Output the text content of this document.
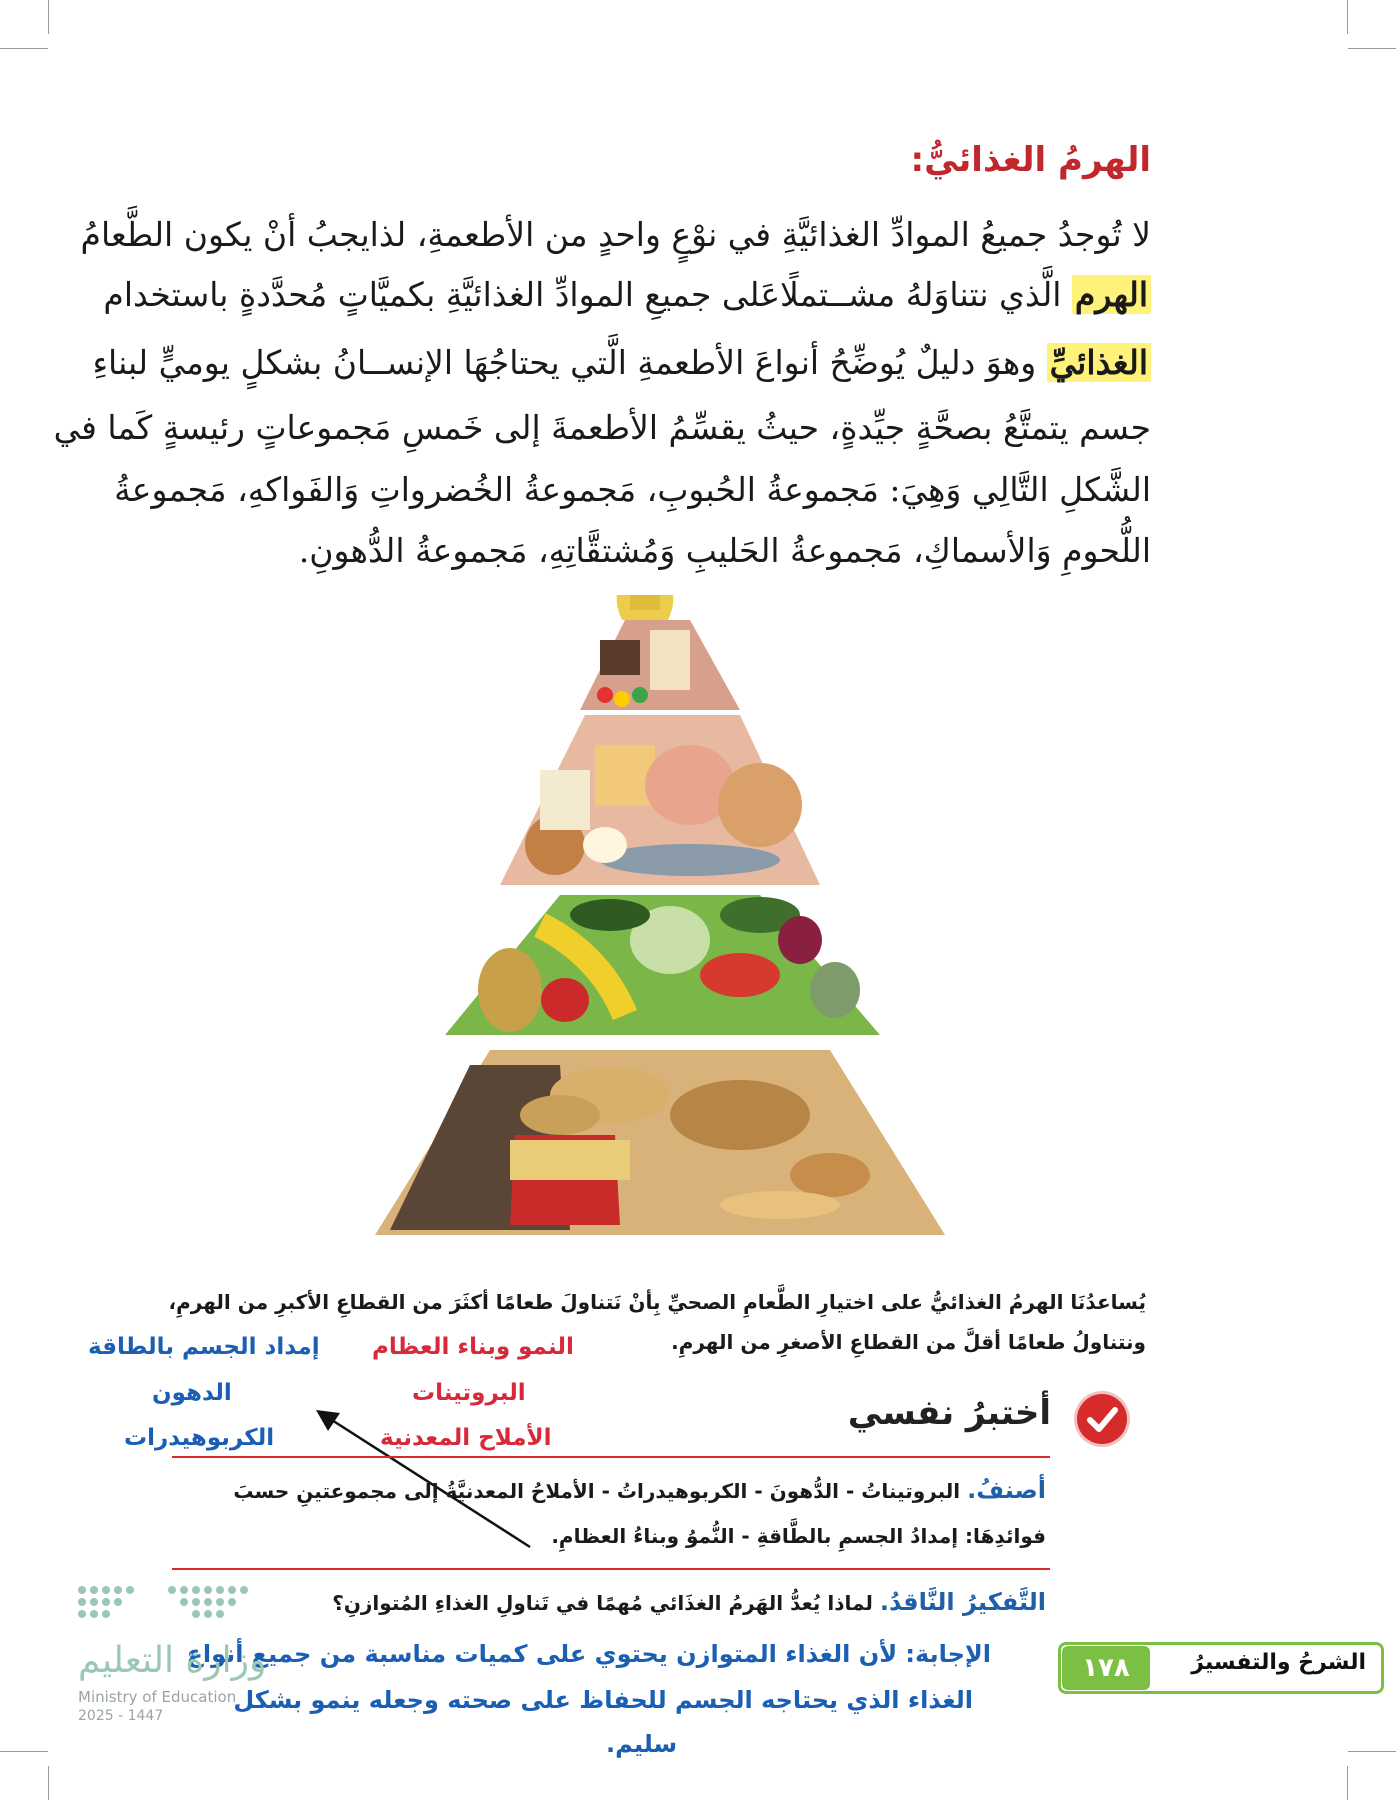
الهرمُ الغذائيُّ:
لا تُوجدُ جميعُ الموادِّ الغذائيَّةِ في نوْعٍ واحدٍ من الأطعمةِ، لذايجبُ أنْ يكون الطَّعامُ
الهرم الَّذي نتناوَلهُ مشــتملًاعَلى جميعِ الموادِّ الغذائيَّةِ بكميَّاتٍ مُحدَّدةٍ باستخدام
الغذائيِّ وهوَ دليلٌ يُوضِّحُ أنواعَ الأطعمةِ الَّتي يحتاجُهَا الإنســانُ بشكلٍ يوميٍّ لبناءِ
جسم يتمتَّعُ بصحَّةٍ جيِّدةٍ، حيثُ يقسِّمُ الأطعمةَ إلى خَمسِ مَجموعاتٍ رئيسةٍ كَما في
الشَّكلِ التَّالِي وَهِيَ: مَجموعةُ الحُبوبِ، مَجموعةُ الخُضرواتِ وَالفَواكهِ، مَجموعةُ
اللُّحومِ وَالأسماكِ، مَجموعةُ الحَليبِ وَمُشتقَّاتِهِ، مَجموعةُ الدُّهونِ.
يُساعدُنَا الهرمُ الغذائيُّ على اختيارِ الطَّعامِ الصحيِّ بِأنْ نَتناولَ طعامًا أكثَرَ من القطاعِ الأكبرِ من الهرمِ،
ونتناولُ طعامًا أقلَّ من القطاعِ الأصغرِ من الهرمِ.
إمداد الجسم بالطاقة
الدهون
الكربوهيدرات
النمو وبناء العظام
البروتينات
الأملاح المعدنية
أختبرُ نفسي
أصنفُ. البروتيناتُ - الدُّهونَ - الكربوهيدراتُ - الأملاحُ المعدنيَّةُ إلى مجموعتينِ حسبَ
فوائدِهَا: إمدادُ الجسمِ بالطَّاقةِ - النُّموُ وبناءُ العظامِ.
التَّفكيرُ النَّاقدُ. لماذا يُعدُّ الهَرمُ الغذَائي مُهمًا في تَناولِ الغذاءِ المُتوازنِ؟
الإجابة: لأن الغذاء المتوازن يحتوي على كميات مناسبة من جميع أنواع
الغذاء الذي يحتاجه الجسم للحفاظ على صحته وجعله ينمو بشكل
سليم.
١٧٨	الشرحُ والتفسيرُ
وزارة التعليم
Ministry of Education
2025 - 1447
